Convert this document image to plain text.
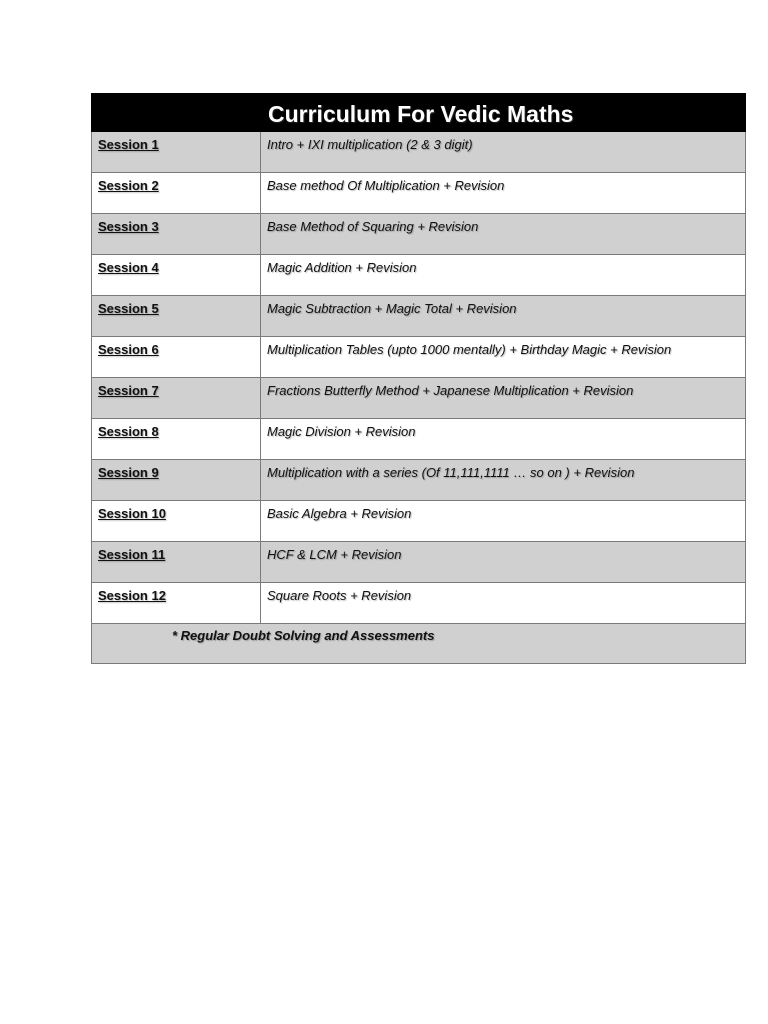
Curriculum For Vedic Maths	
Session 1	Intro + IXI multiplication (2 & 3 digit)
Session 2	Base method Of Multiplication + Revision
Session 3	Base Method of Squaring + Revision
Session 4	Magic Addition + Revision
Session 5	Magic Subtraction + Magic Total + Revision
Session 6	Multiplication Tables (upto 1000 mentally) + Birthday Magic + Revision
Session 7	Fractions Butterfly Method + Japanese Multiplication + Revision
Session 8	Magic Division + Revision
Session 9	Multiplication with a series (Of 11,111,1111 … so on ) + Revision
Session 10	Basic Algebra + Revision
Session 11	HCF & LCM + Revision
Session 12	Square Roots + Revision
* Regular Doubt Solving and Assessments	
